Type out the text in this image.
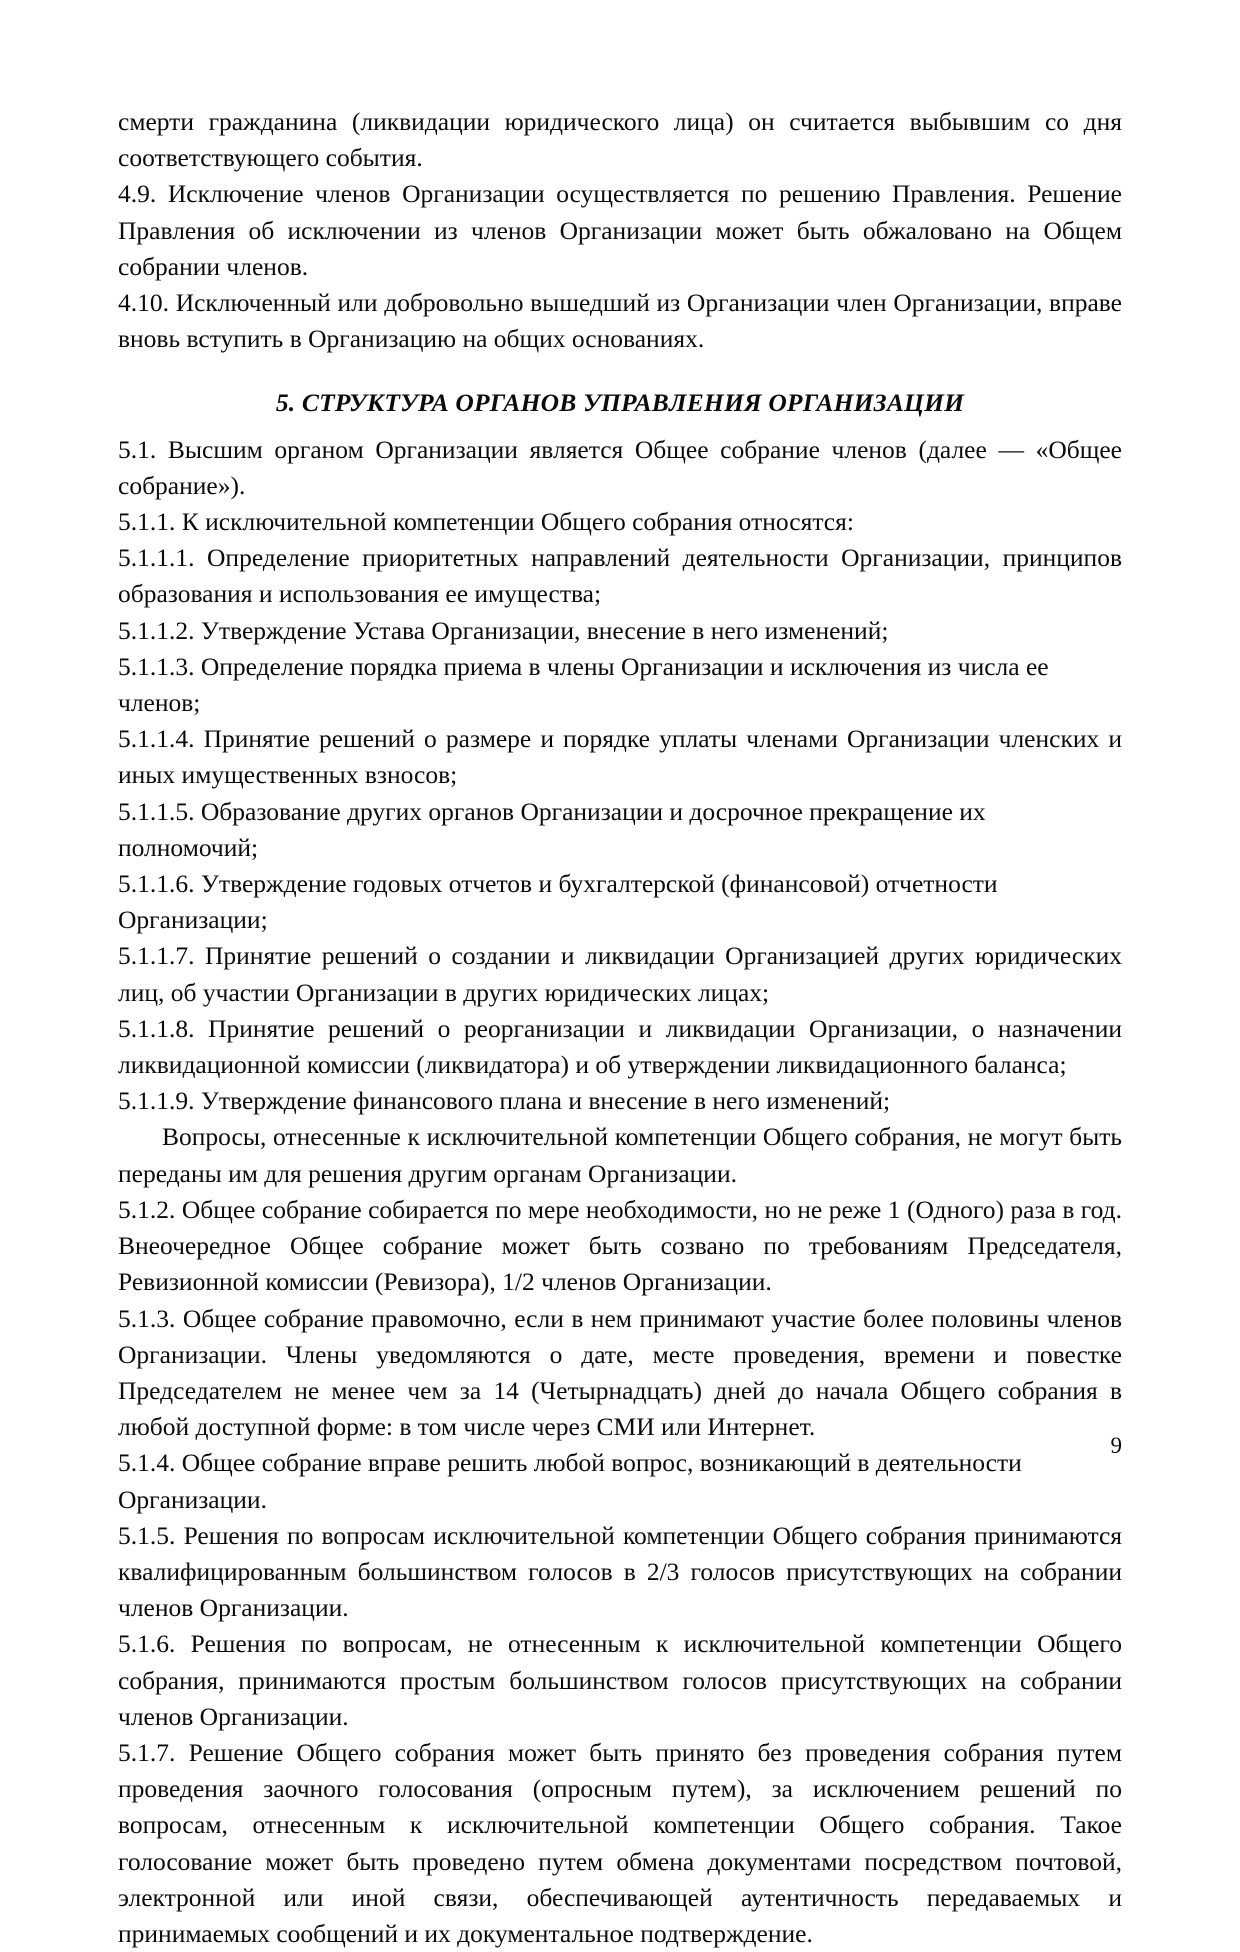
смерти гражданина (ликвидации юридического лица) он считается выбывшим со дня соответствующего события.

4.9. Исключение членов Организации осуществляется по решению Правления. Решение Правления об исключении из членов Организации может быть обжаловано на Общем собрании членов.

4.10. Исключенный или добровольно вышедший из Организации член Организации, вправе вновь вступить в Организацию на общих основаниях.

5. СТРУКТУРА ОРГАНОВ УПРАВЛЕНИЯ ОРГАНИЗАЦИИ

5.1. Высшим органом Организации является Общее собрание членов (далее — «Общее собрание»).

5.1.1. К исключительной компетенции Общего собрания относятся:

5.1.1.1. Определение приоритетных направлений деятельности Организации, принципов образования и использования ее имущества;

5.1.1.2. Утверждение Устава Организации, внесение в него изменений;

5.1.1.3. Определение порядка приема в члены Организации и исключения из числа ее членов;

5.1.1.4. Принятие решений о размере и порядке уплаты членами Организации членских и иных имущественных взносов;

5.1.1.5. Образование других органов Организации и досрочное прекращение их полномочий;

5.1.1.6. Утверждение годовых отчетов и бухгалтерской (финансовой) отчетности Организации;

5.1.1.7. Принятие решений о создании и ликвидации Организацией других юридических лиц, об участии Организации в других юридических лицах;

5.1.1.8. Принятие решений о реорганизации и ликвидации Организации, о назначении ликвидационной комиссии (ликвидатора) и об утверждении ликвидационного баланса;

5.1.1.9. Утверждение финансового плана и внесение в него изменений;

Вопросы, отнесенные к исключительной компетенции Общего собрания, не могут быть переданы им для решения другим органам Организации.

5.1.2. Общее собрание собирается по мере необходимости, но не реже 1 (Одного) раза в год. Внеочередное Общее собрание может быть созвано по требованиям Председателя, Ревизионной комиссии (Ревизора), 1/2 членов Организации.

5.1.3. Общее собрание правомочно, если в нем принимают участие более половины членов Организации. Члены уведомляются о дате, месте проведения, времени и повестке Председателем не менее чем за 14 (Четырнадцать) дней до начала Общего собрания в любой доступной форме: в том числе через СМИ или Интернет.

5.1.4. Общее собрание вправе решить любой вопрос, возникающий в деятельности Организации.

5.1.5. Решения по вопросам исключительной компетенции Общего собрания принимаются квалифицированным большинством голосов в 2/3 голосов присутствующих на собрании членов Организации.

5.1.6. Решения по вопросам, не отнесенным к исключительной компетенции Общего собрания, принимаются простым большинством голосов присутствующих на собрании членов Организации.

5.1.7. Решение Общего собрания может быть принято без проведения собрания путем проведения заочного голосования (опросным путем), за исключением решений по вопросам, отнесенным к исключительной компетенции Общего собрания. Такое голосование может быть проведено путем обмена документами посредством почтовой, электронной или иной связи, обеспечивающей аутентичность передаваемых и принимаемых сообщений и их документальное подтверждение.

9
